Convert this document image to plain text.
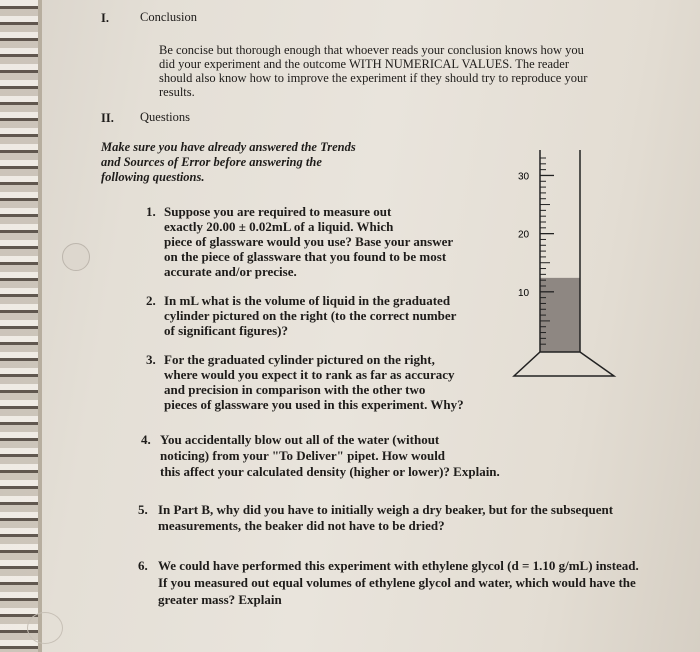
I. Conclusion
Be concise but thorough enough that whoever reads your conclusion knows how you
did your experiment and the outcome WITH NUMERICAL VALUES. The reader
should also know how to improve the experiment if they should try to reproduce your
results.
II. Questions
Make sure you have already answered the Trends
and Sources of Error before answering the
following questions.
1. Suppose you are required to measure out
exactly 20.00 ± 0.02mL of a liquid. Which
piece of glassware would you use? Base your answer
on the piece of glassware that you found to be most
accurate and/or precise.
2. In mL what is the volume of liquid in the graduated
cylinder pictured on the right (to the correct number
of significant figures)?
3. For the graduated cylinder pictured on the right,
where would you expect it to rank as far as accuracy
and precision in comparison with the other two
pieces of glassware you used in this experiment. Why?
4. You accidentally blow out all of the water (without
noticing) from your "To Deliver" pipet. How would
this affect your calculated density (higher or lower)? Explain.
5. In Part B, why did you have to initially weigh a dry beaker, but for the subsequent
measurements, the beaker did not have to be dried?
6. We could have performed this experiment with ethylene glycol (d = 1.10 g/mL) instead.
If you measured out equal volumes of ethylene glycol and water, which would have the
greater mass? Explain
30
20
10
